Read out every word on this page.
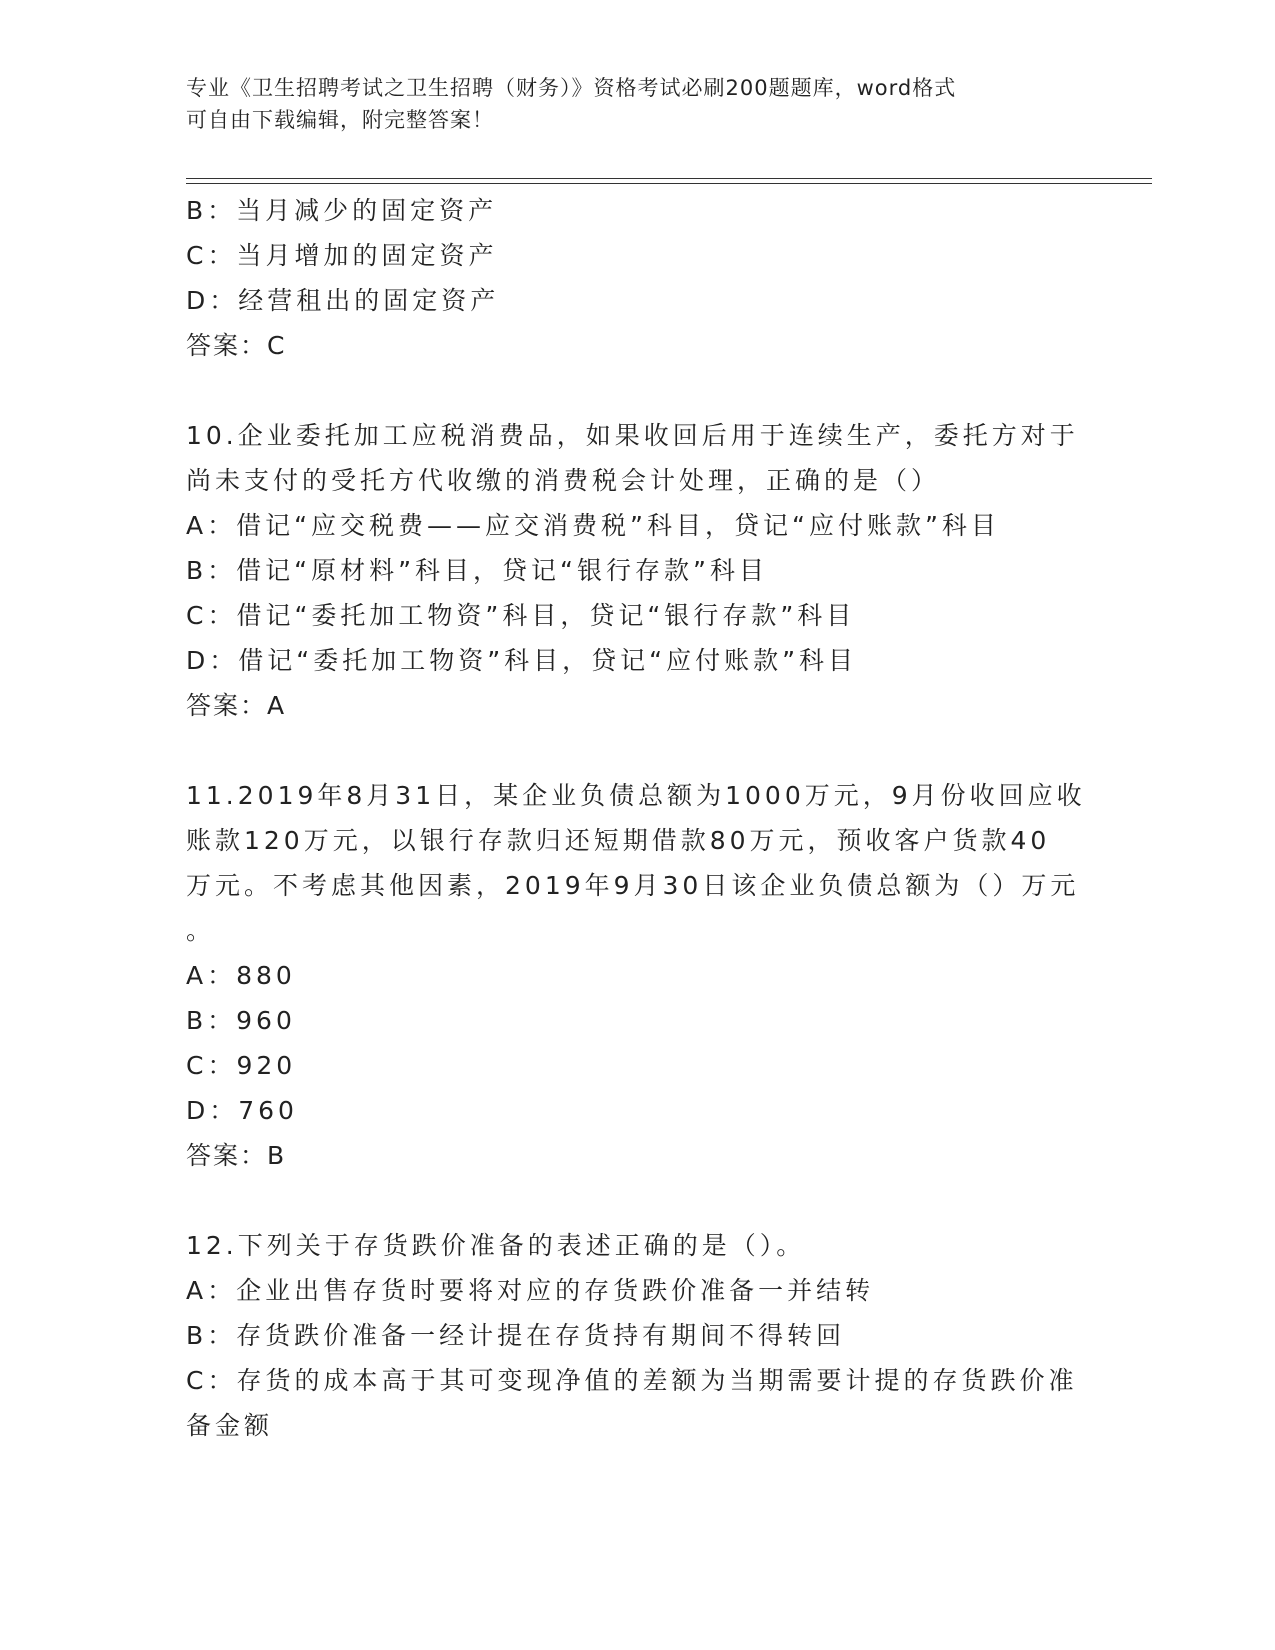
专业《卫生招聘考试之卫生招聘（财务）》资格考试必刷200题题库，word格式
可自由下载编辑，附完整答案！

B：当月减少的固定资产

C：当月增加的固定资产

D：经营租出的固定资产

答案：C

10.企业委托加工应税消费品，如果收回后用于连续生产，委托方对于

尚未支付的受托方代收缴的消费税会计处理，正确的是（）

A：借记“应交税费——应交消费税”科目，贷记“应付账款”科目

B：借记“原材料”科目，贷记“银行存款”科目

C：借记“委托加工物资”科目，贷记“银行存款”科目

D：借记“委托加工物资”科目，贷记“应付账款”科目

答案：A

11.2019年8月31日，某企业负债总额为1000万元，9月份收回应收

账款120万元，以银行存款归还短期借款80万元，预收客户货款40

万元。不考虑其他因素，2019年9月30日该企业负债总额为（）万元

。

A：880

B：960

C：920

D：760

答案：B

12.下列关于存货跌价准备的表述正确的是（）。

A：企业出售存货时要将对应的存货跌价准备一并结转

B：存货跌价准备一经计提在存货持有期间不得转回

C：存货的成本高于其可变现净值的差额为当期需要计提的存货跌价准

备金额
